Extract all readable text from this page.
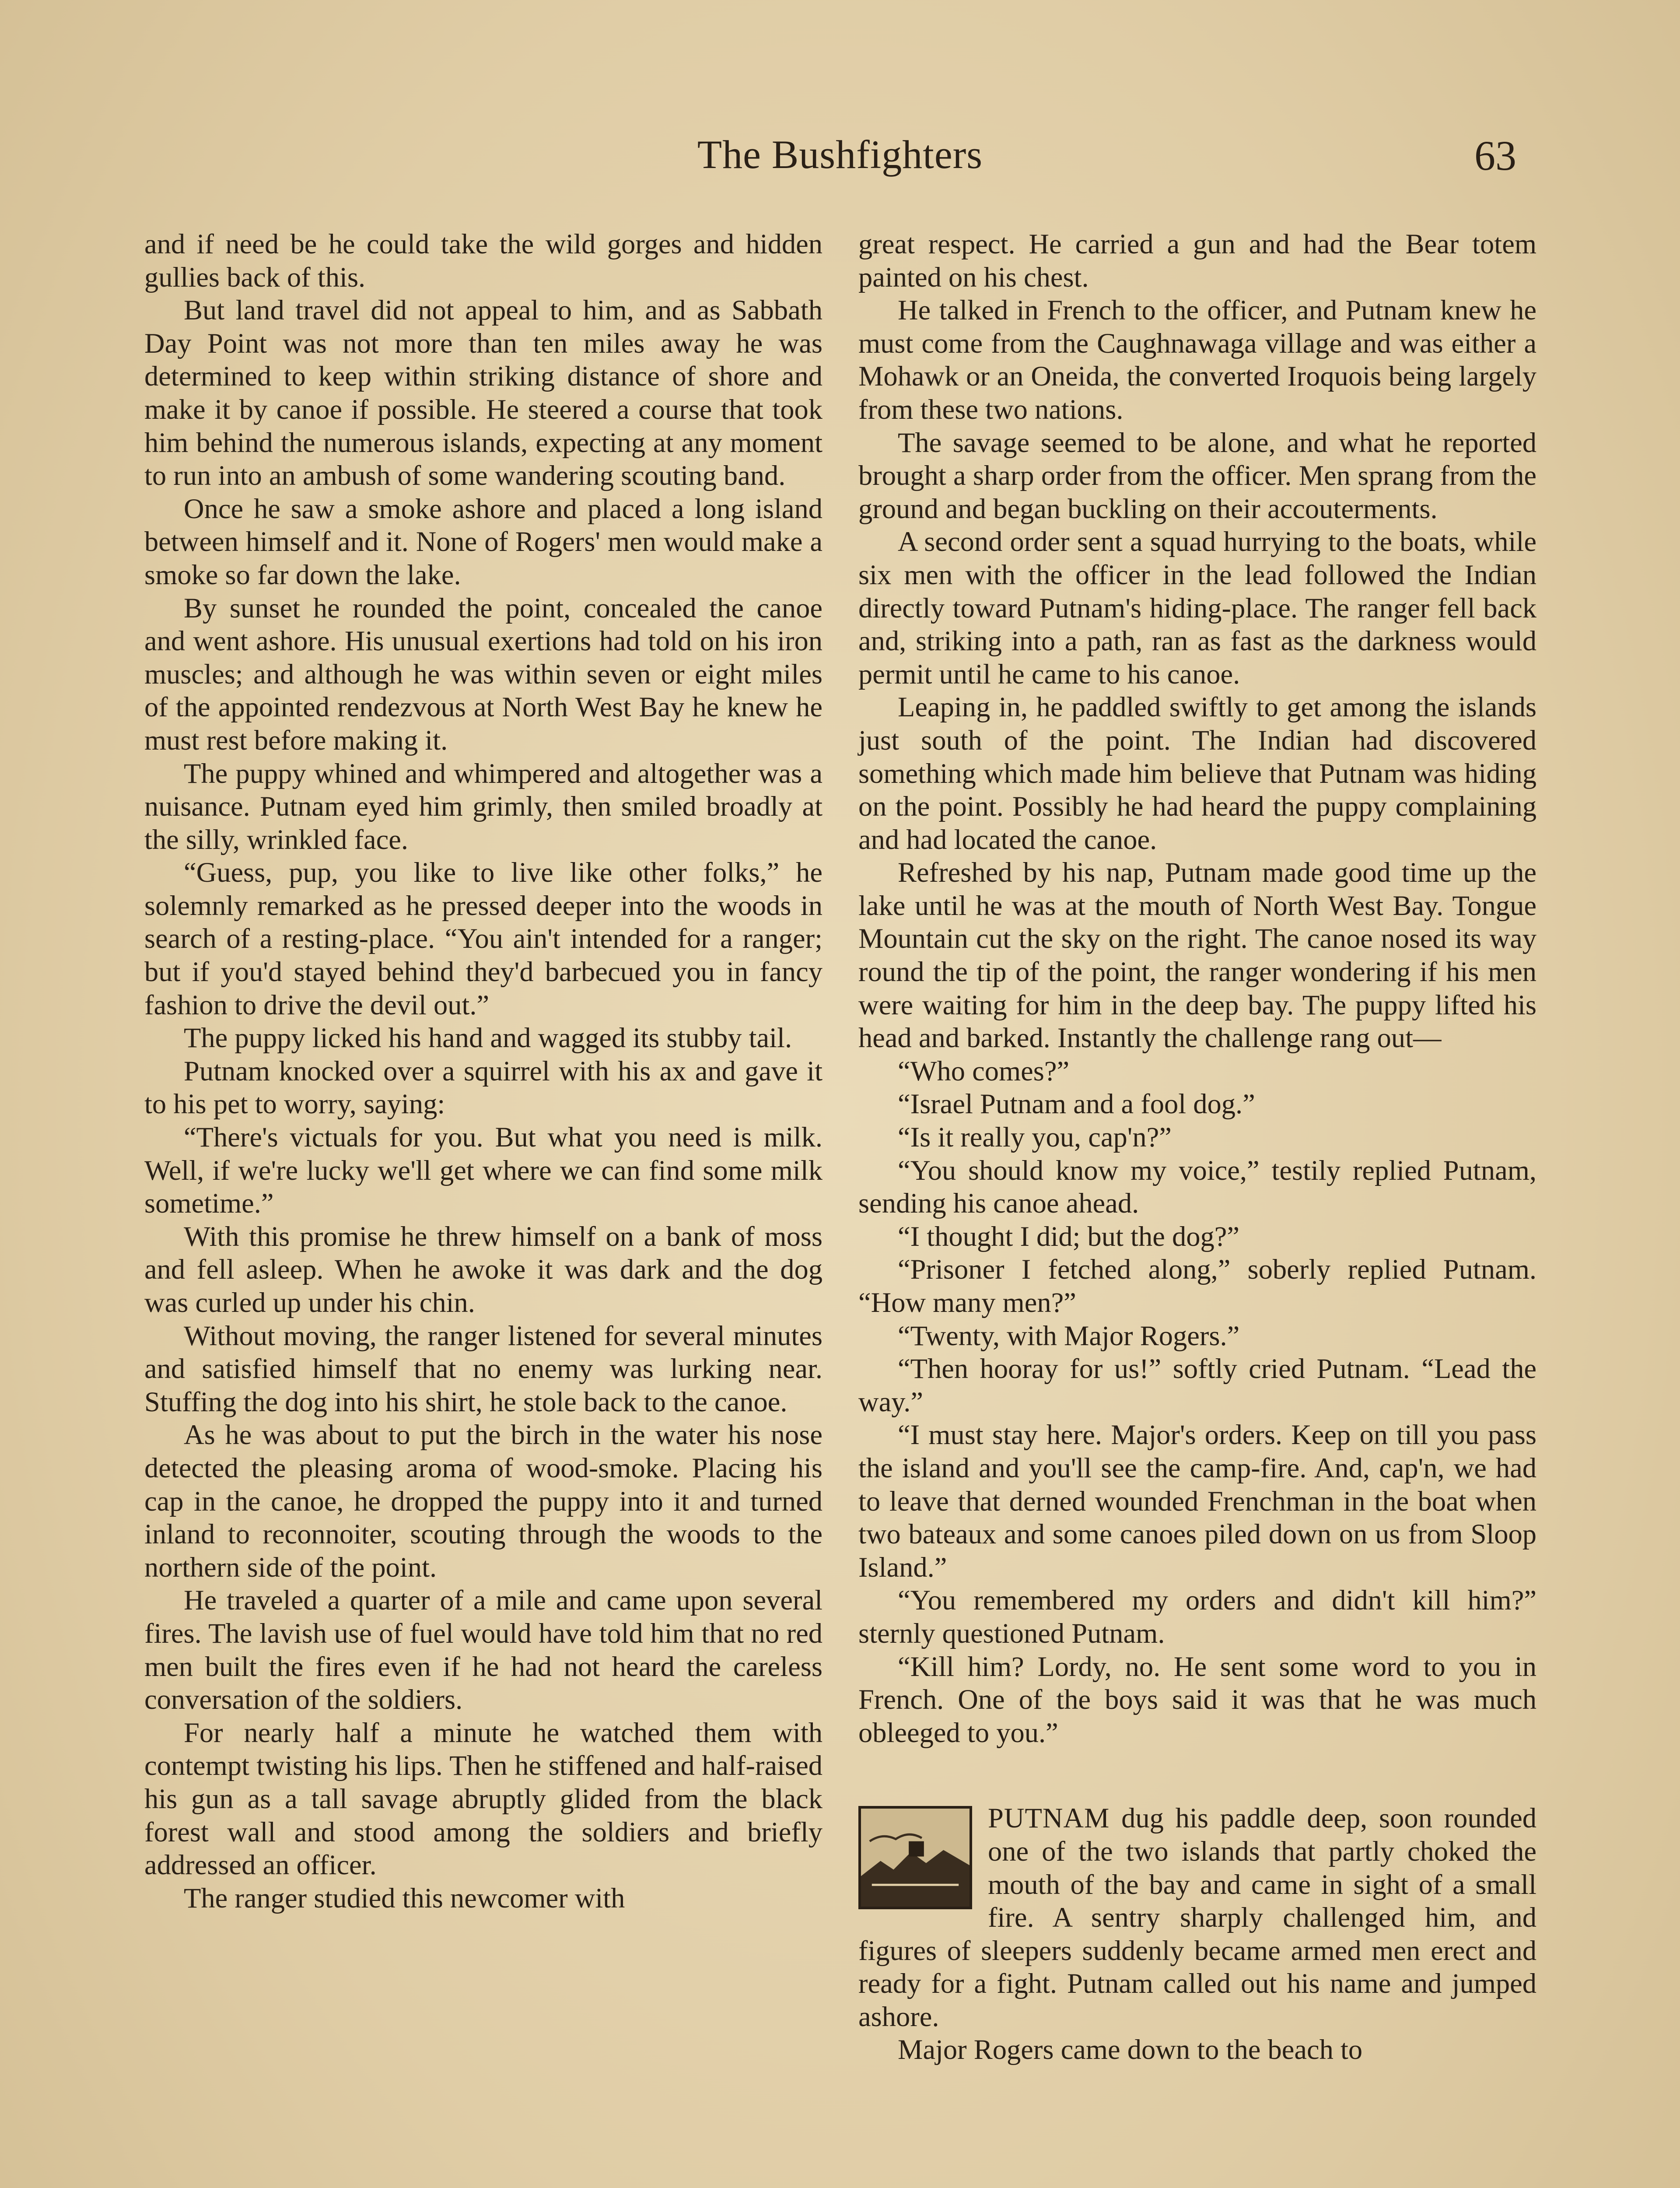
The Bushfighters	63

and if need be he could take the wild gorges and hidden gullies back of this.

But land travel did not appeal to him, and as Sabbath Day Point was not more than ten miles away he was determined to keep within striking distance of shore and make it by canoe if possible. He steered a course that took him behind the numerous islands, expecting at any moment to run into an ambush of some wandering scouting band.

Once he saw a smoke ashore and placed a long island between himself and it. None of Rogers' men would make a smoke so far down the lake.

By sunset he rounded the point, concealed the canoe and went ashore. His unusual exertions had told on his iron muscles; and although he was within seven or eight miles of the appointed rendezvous at North West Bay he knew he must rest before making it.

The puppy whined and whimpered and altogether was a nuisance. Putnam eyed him grimly, then smiled broadly at the silly, wrinkled face.

“Guess, pup, you like to live like other folks,” he solemnly remarked as he pressed deeper into the woods in search of a resting-place. “You ain't intended for a ranger; but if you'd stayed behind they'd barbecued you in fancy fashion to drive the devil out.”

The puppy licked his hand and wagged its stubby tail.

Putnam knocked over a squirrel with his ax and gave it to his pet to worry, saying:

“There's victuals for you. But what you need is milk. Well, if we're lucky we'll get where we can find some milk sometime.”

With this promise he threw himself on a bank of moss and fell asleep. When he awoke it was dark and the dog was curled up under his chin.

Without moving, the ranger listened for several minutes and satisfied himself that no enemy was lurking near. Stuffing the dog into his shirt, he stole back to the canoe.

As he was about to put the birch in the water his nose detected the pleasing aroma of wood-smoke. Placing his cap in the canoe, he dropped the puppy into it and turned inland to reconnoiter, scouting through the woods to the northern side of the point.

He traveled a quarter of a mile and came upon several fires. The lavish use of fuel would have told him that no red men built the fires even if he had not heard the careless conversation of the soldiers.

For nearly half a minute he watched them with contempt twisting his lips. Then he stiffened and half-raised his gun as a tall savage abruptly glided from the black forest wall and stood among the soldiers and briefly addressed an officer.

The ranger studied this newcomer with

great respect. He carried a gun and had the Bear totem painted on his chest.

He talked in French to the officer, and Putnam knew he must come from the Caughnawaga village and was either a Mohawk or an Oneida, the converted Iroquois being largely from these two nations.

The savage seemed to be alone, and what he reported brought a sharp order from the officer. Men sprang from the ground and began buckling on their accouterments.

A second order sent a squad hurrying to the boats, while six men with the officer in the lead followed the Indian directly toward Putnam's hiding-place. The ranger fell back and, striking into a path, ran as fast as the darkness would permit until he came to his canoe.

Leaping in, he paddled swiftly to get among the islands just south of the point. The Indian had discovered something which made him believe that Putnam was hiding on the point. Possibly he had heard the puppy complaining and had located the canoe.

Refreshed by his nap, Putnam made good time up the lake until he was at the mouth of North West Bay. Tongue Mountain cut the sky on the right. The canoe nosed its way round the tip of the point, the ranger wondering if his men were waiting for him in the deep bay. The puppy lifted his head and barked. Instantly the challenge rang out—

“Who comes?”

“Israel Putnam and a fool dog.”

“Is it really you, cap'n?”

“You should know my voice,” testily replied Putnam, sending his canoe ahead.

“I thought I did; but the dog?”

“Prisoner I fetched along,” soberly replied Putnam. “How many men?”

“Twenty, with Major Rogers.”

“Then hooray for us!” softly cried Putnam. “Lead the way.”

“I must stay here. Major's orders. Keep on till you pass the island and you'll see the camp-fire. And, cap'n, we had to leave that derned wounded Frenchman in the boat when two bateaux and some canoes piled down on us from Sloop Island.”

“You remembered my orders and didn't kill him?” sternly questioned Putnam.

“Kill him? Lordy, no. He sent some word to you in French. One of the boys said it was that he was much obleeged to you.”

PUTNAM dug his paddle deep, soon rounded one of the two islands that partly choked the mouth of the bay and came in sight of a small fire. A sentry sharply challenged him, and figures of sleepers suddenly became armed men erect and ready for a fight. Putnam called out his name and jumped ashore.

Major Rogers came down to the beach to
